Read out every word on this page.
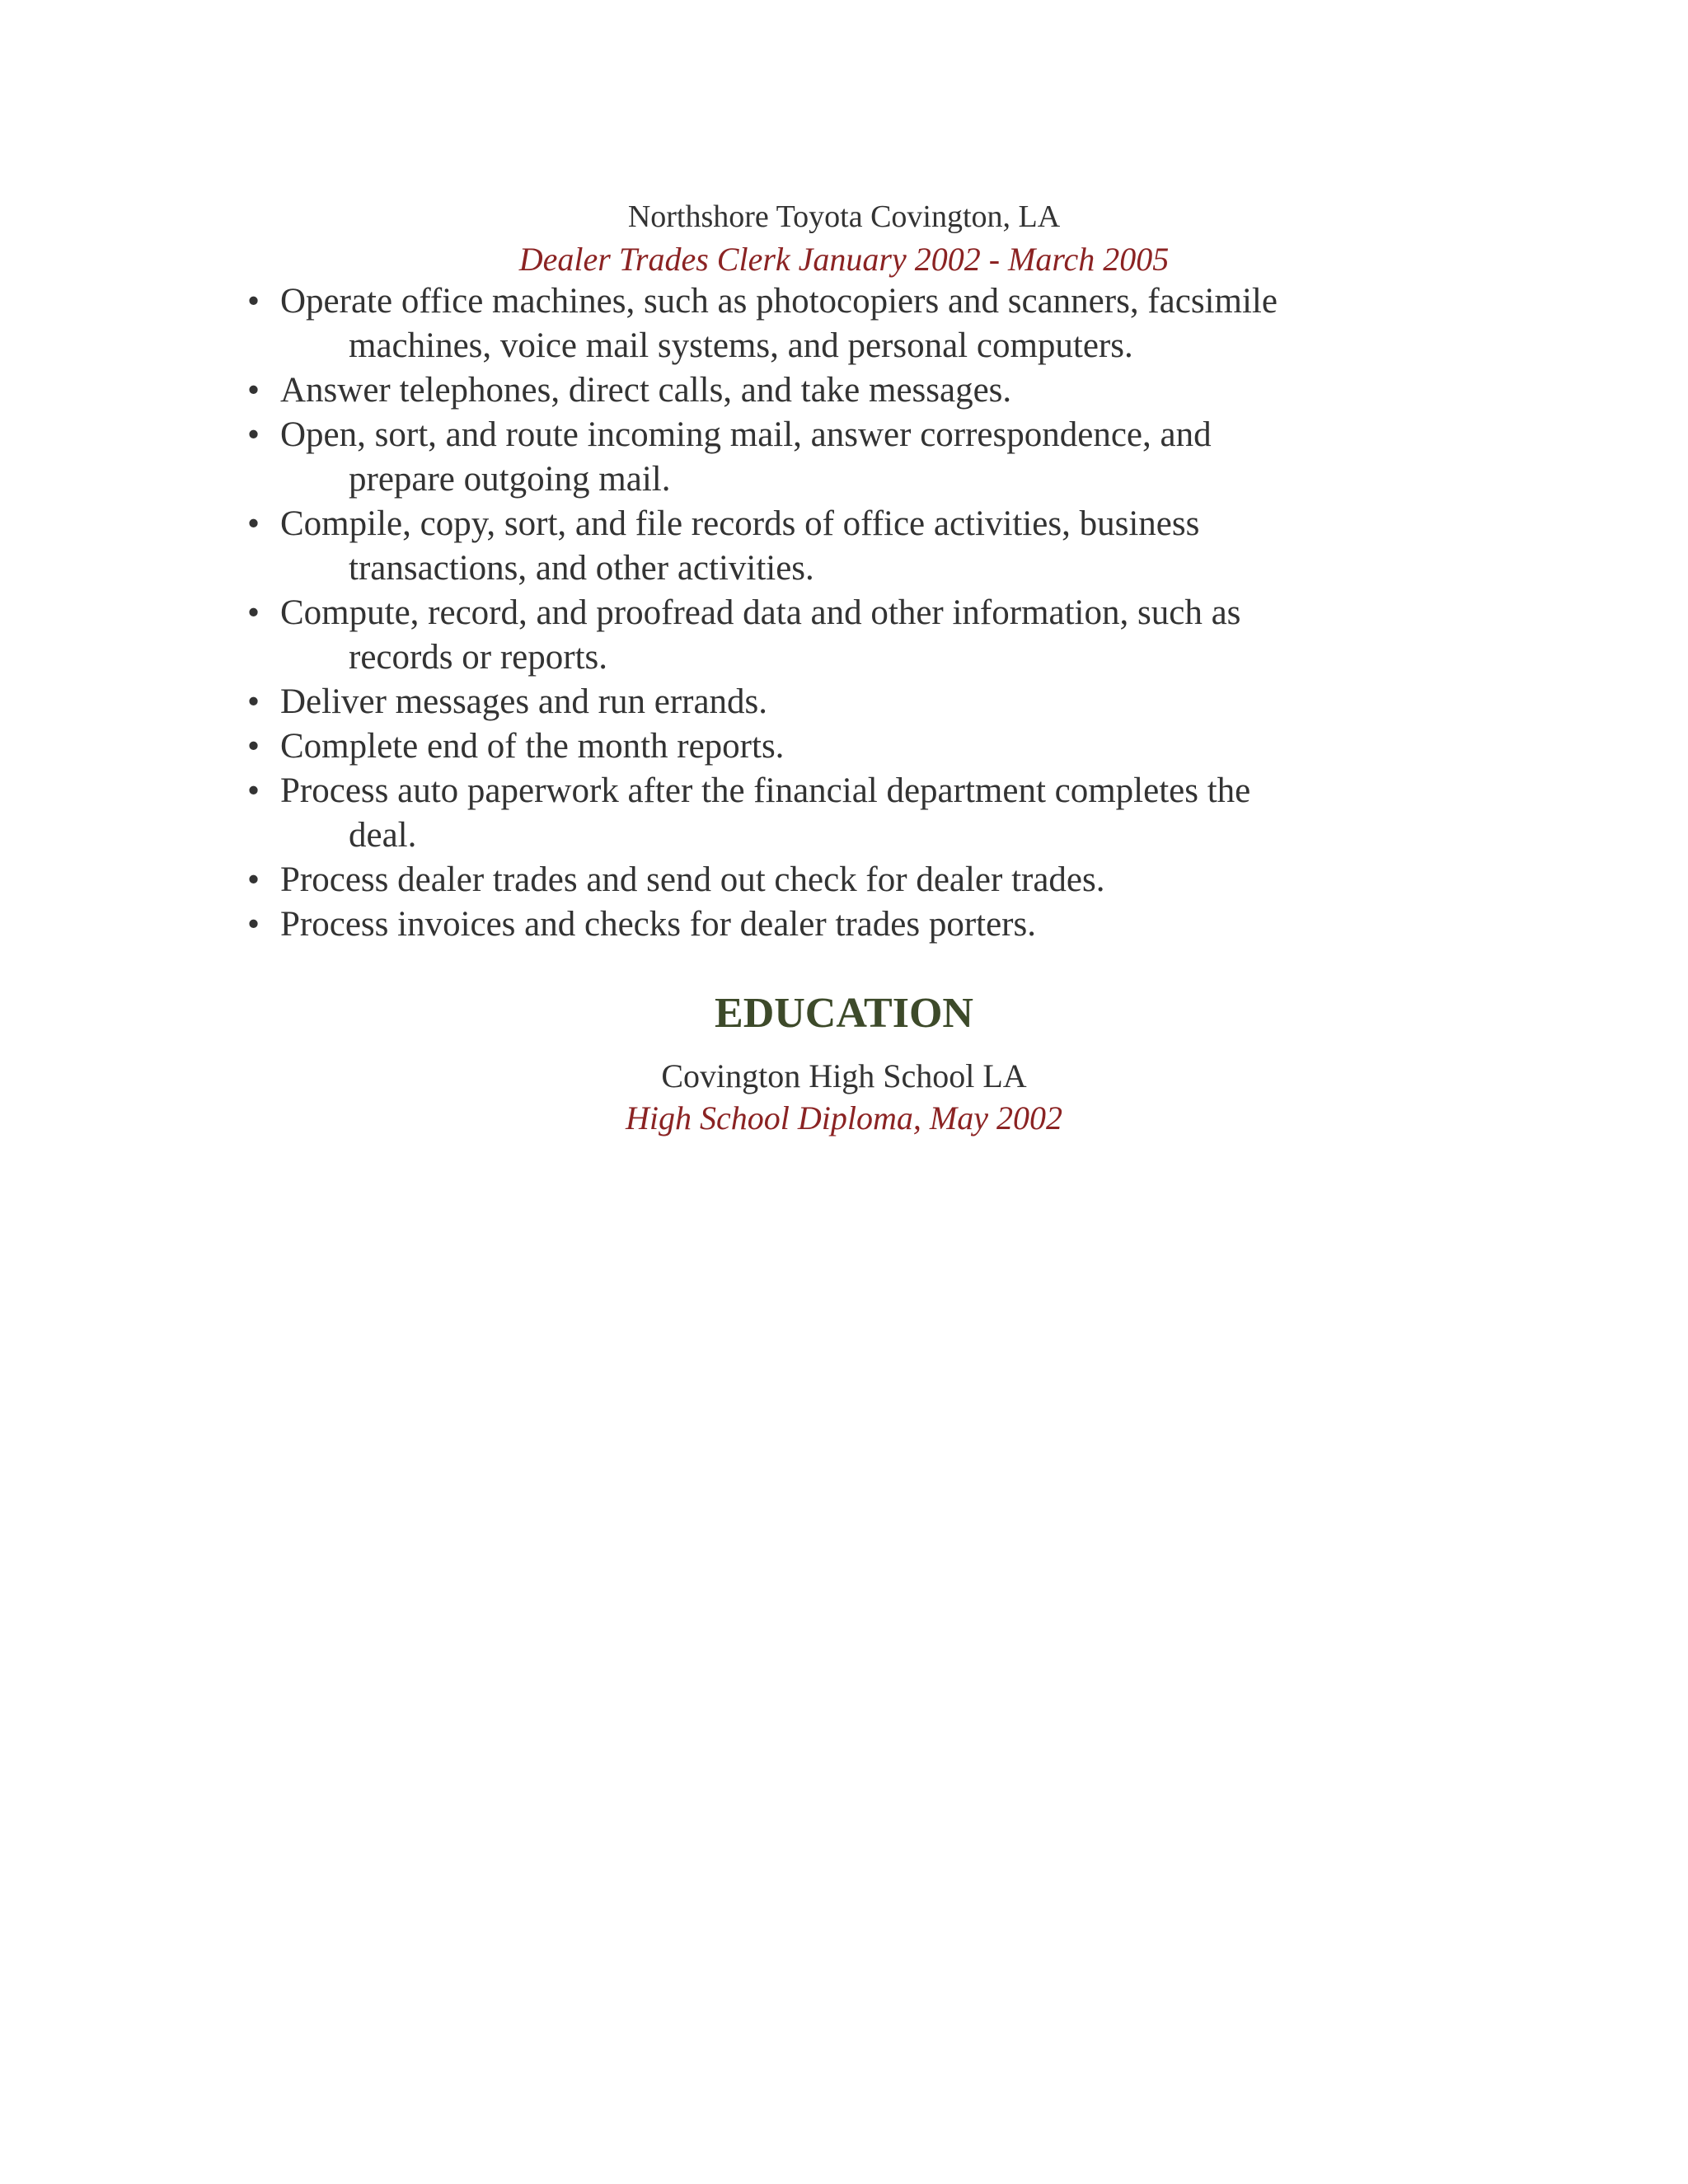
Northshore Toyota Covington, LA
Dealer Trades Clerk January 2002 - March 2005
• Operate office machines, such as photocopiers and scanners, facsimile
machines, voice mail systems, and personal computers.
• Answer telephones, direct calls, and take messages.
• Open, sort, and route incoming mail, answer correspondence, and
prepare outgoing mail.
• Compile, copy, sort, and file records of office activities, business
transactions, and other activities.
• Compute, record, and proofread data and other information, such as
records or reports.
• Deliver messages and run errands.
• Complete end of the month reports.
• Process auto paperwork after the financial department completes the
deal.
• Process dealer trades and send out check for dealer trades.
• Process invoices and checks for dealer trades porters.
EDUCATION
Covington High School LA
High School Diploma, May 2002
